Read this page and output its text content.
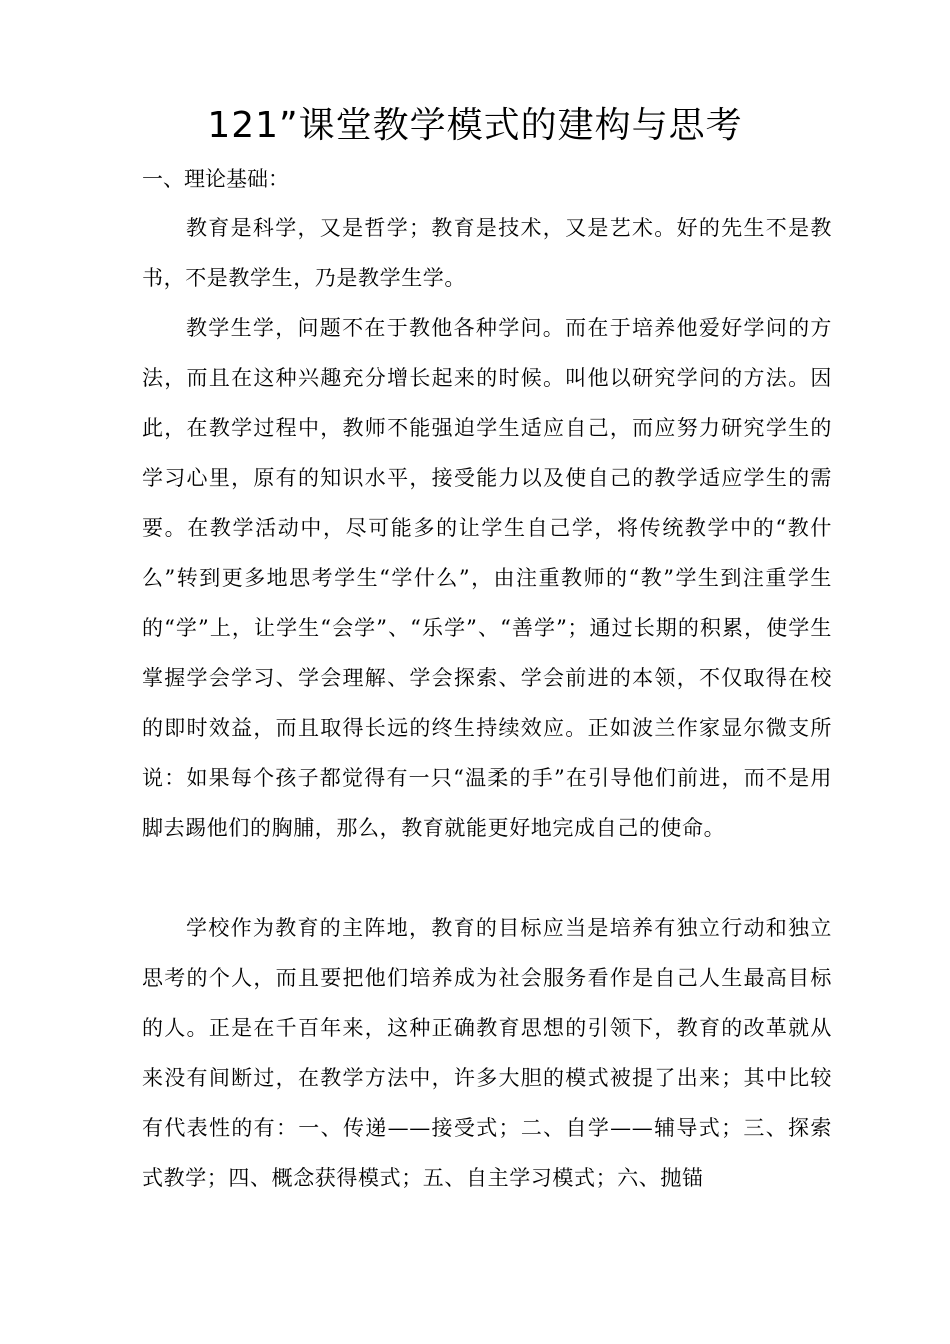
121”课堂教学模式的建构与思考
一、理论基础：

教育是科学，又是哲学；教育是技术，又是艺术。好的先生不是教书，不是教学生，乃是教学生学。

教学生学，问题不在于教他各种学问。而在于培养他爱好学问的方法，而且在这种兴趣充分增长起来的时候。叫他以研究学问的方法。因此，在教学过程中，教师不能强迫学生适应自己，而应努力研究学生的学习心里，原有的知识水平，接受能力以及使自己的教学适应学生的需要。在教学活动中，尽可能多的让学生自己学，将传统教学中的“教什么”转到更多地思考学生“学什么”，由注重教师的“教”学生到注重学生的“学”上，让学生“会学”、“乐学”、“善学”；通过长期的积累，使学生掌握学会学习、学会理解、学会探索、学会前进的本领，不仅取得在校的即时效益，而且取得长远的终生持续效应。正如波兰作家显尔微支所说：如果每个孩子都觉得有一只“温柔的手”在引导他们前进，而不是用脚去踢他们的胸脯，那么，教育就能更好地完成自己的使命。

学校作为教育的主阵地，教育的目标应当是培养有独立行动和独立思考的个人，而且要把他们培养成为社会服务看作是自己人生最高目标的人。正是在千百年来，这种正确教育思想的引领下，教育的改革就从来没有间断过，在教学方法中，许多大胆的模式被提了出来；其中比较有代表性的有：一、传递——接受式；二、自学——辅导式；三、探索式教学；四、概念获得模式；五、自主学习模式；六、抛锚
